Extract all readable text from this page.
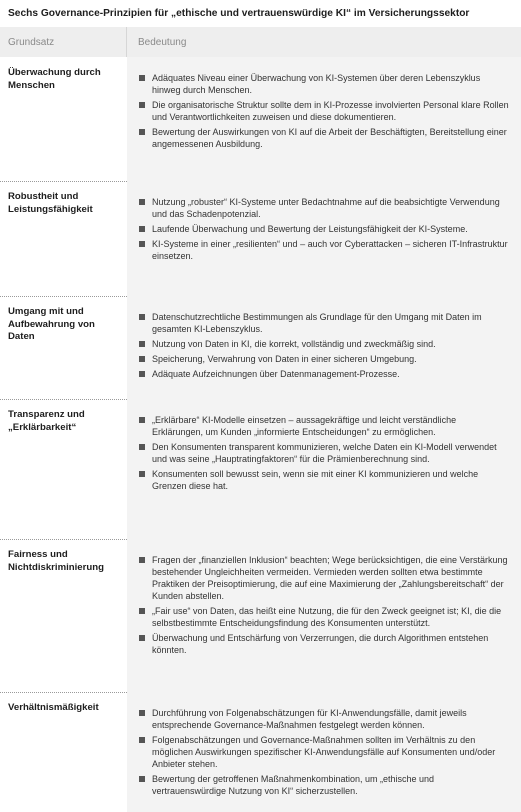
Sechs Governance-Prinzipien für „ethische und vertrauenswürdige KI“ im Versicherungssektor
Grundsatz	Bedeutung
Adäquates Niveau einer Überwachung von KI-Systemen über deren Lebenszyklus hinweg durch Menschen.
Die organisatorische Struktur sollte dem in KI-Prozesse involvierten Personal klare Rollen und Verantwortlichkeiten zuweisen und diese dokumentieren.
Bewertung der Auswirkungen von KI auf die Arbeit der Beschäftigten, Bereitstellung einer angemessenen Ausbildung.
Überwachung durch Menschen
Nutzung „robuster“ KI-Systeme unter Bedachtnahme auf die beabsichtigte Verwendung und das Schadenpotenzial.
Laufende Überwachung und Bewertung der Leistungsfähigkeit der KI-Systeme.
KI-Systeme in einer „resilienten“ und – auch vor Cyberattacken – sicheren IT-Infrastruktur einsetzen.
Robustheit und Leistungsfähigkeit
Datenschutzrechtliche Bestimmungen als Grundlage für den Umgang mit Daten im gesamten KI-Lebenszyklus.
Nutzung von Daten in KI, die korrekt, vollständig und zweckmäßig sind.
Speicherung, Verwahrung von Daten in einer sicheren Umgebung.
Adäquate Aufzeichnungen über Datenmanagement-Prozesse.
Umgang mit und Aufbewahrung von Daten
„Erklärbare“ KI-Modelle einsetzen – aussagekräftige und leicht verständliche Erklärungen, um Kunden „informierte Entscheidungen“ zu ermöglichen.
Den Konsumenten transparent kommunizieren, welche Daten ein KI-Modell verwendet und was seine „Hauptratingfaktoren“ für die Prämienberechnung sind.
Konsumenten soll bewusst sein, wenn sie mit einer KI kommunizieren und welche Grenzen diese hat.
Transparenz und „Erklärbarkeit“
Fragen der „finanziellen Inklusion“ beachten; Wege berücksichtigen, die eine Verstärkung bestehender Ungleichheiten vermeiden. Vermieden werden sollten etwa bestimmte Praktiken der Preisoptimierung, die auf eine Maximierung der „Zahlungsbereitschaft“ der Kunden abstellen.
„Fair use“ von Daten, das heißt eine Nutzung, die für den Zweck geeignet ist; KI, die die selbstbestimmte Entscheidungsfindung des Konsumenten unterstützt.
Überwachung und Entschärfung von Verzerrungen, die durch Algorithmen entstehen könnten.
Fairness und Nichtdiskriminierung
Durchführung von Folgenabschätzungen für KI-Anwendungsfälle, damit jeweils entsprechende Governance-Maßnahmen festgelegt werden können.
Folgenabschätzungen und Governance-Maßnahmen sollten im Verhältnis zu den möglichen Auswirkungen spezifischer KI-Anwendungsfälle auf Konsumenten und/oder Anbieter stehen.
Bewertung der getroffenen Maßnahmenkombination, um „ethische und vertrauenswürdige Nutzung von KI“ sicherzustellen.
Verhältnismäßigkeit
